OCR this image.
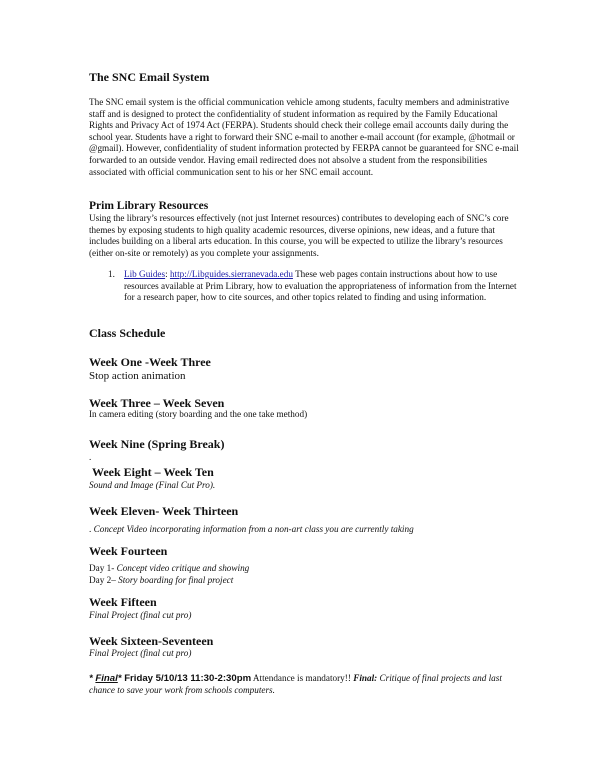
The SNC Email System
The SNC email system is the official communication vehicle among students, faculty members and administrative staff and is designed to protect the confidentiality of student information as required by the Family Educational Rights and Privacy Act of 1974 Act (FERPA). Students should check their college email accounts daily during the school year. Students have a right to forward their SNC e-mail to another e-mail account (for example, @hotmail or @gmail). However, confidentiality of student information protected by FERPA cannot be guaranteed for SNC e-mail forwarded to an outside vendor. Having email redirected does not absolve a student from the responsibilities associated with official communication sent to his or her SNC email account.
Prim Library Resources
Using the library’s resources effectively (not just Internet resources) contributes to developing each of SNC’s core themes by exposing students to high quality academic resources, diverse opinions, new ideas, and a future that includes building on a liberal arts education. In this course, you will be expected to utilize the library’s resources (either on-site or remotely) as you complete your assignments.
1. Lib Guides: http://Libguides.sierranevada.edu These web pages contain instructions about how to use resources available at Prim Library, how to evaluation the appropriateness of information from the Internet for a research paper, how to cite sources, and other topics related to finding and using information.
Class Schedule
Week One -Week Three
Stop action animation
Week Three – Week Seven
In camera editing (story boarding and the one take method)
Week Nine (Spring Break)
.
Week Eight – Week Ten
Sound and Image (Final Cut Pro).
Week Eleven- Week Thirteen
. Concept Video incorporating information from a non-art class you are currently taking
Week Fourteen
Day 1- Concept video critique and showing
Day 2– Story boarding for final project
Week Fifteen
Final Project (final cut pro)
Week Sixteen-Seventeen
Final Project (final cut pro)
* Final* Friday 5/10/13 11:30-2:30pm Attendance is mandatory!! Final: Critique of final projects and last chance to save your work from schools computers.
